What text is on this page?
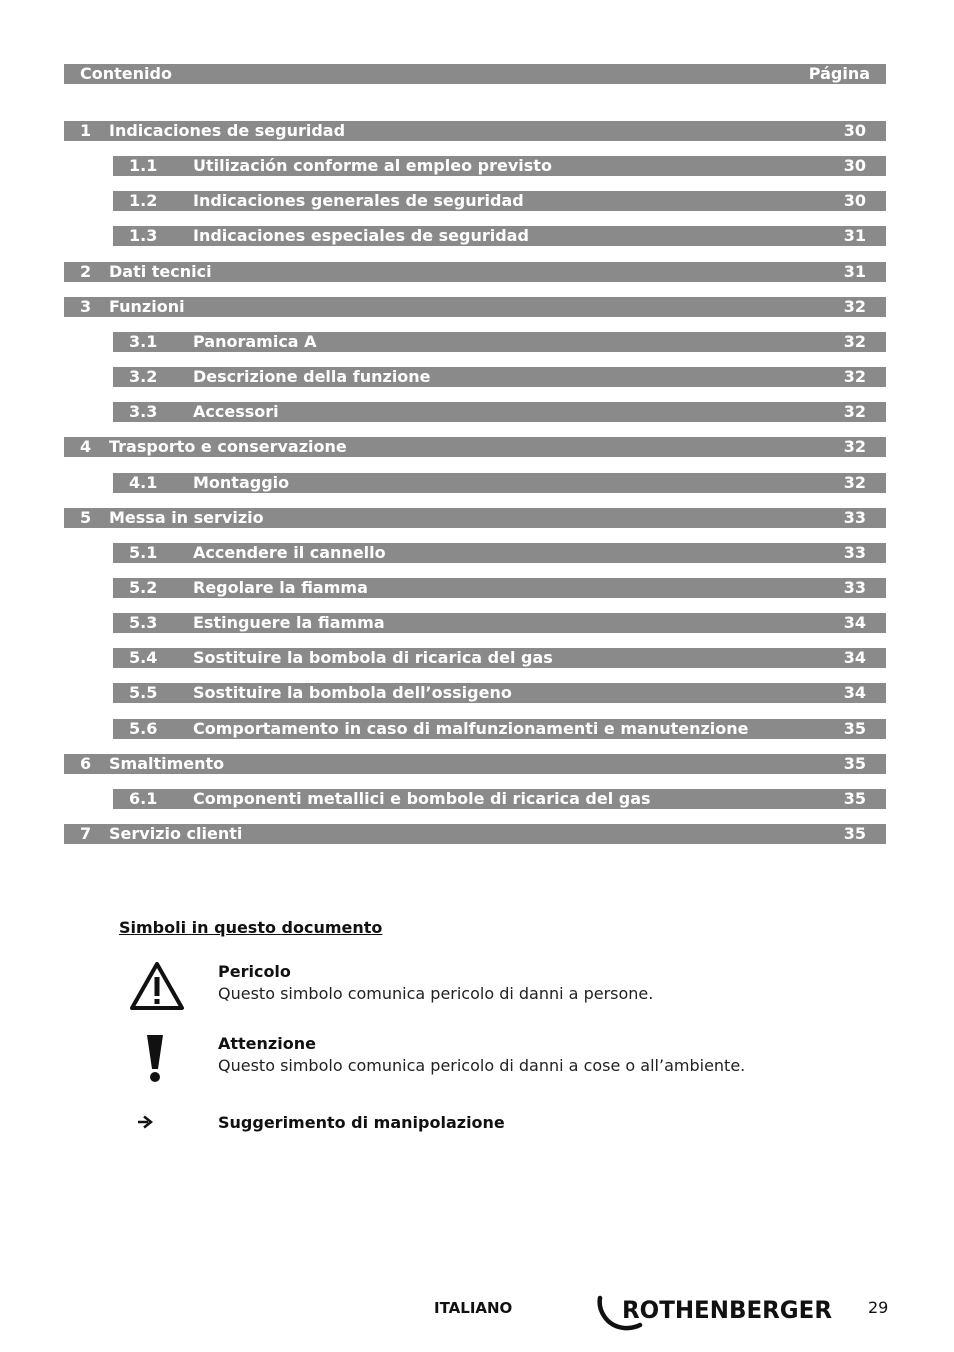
Contenido	Página
1 Indicaciones de seguridad	30
1.1 Utilización conforme al empleo previsto	30
1.2 Indicaciones generales de seguridad	30
1.3 Indicaciones especiales de seguridad	31
2 Dati tecnici	31
3 Funzioni	32
3.1 Panoramica A	32
3.2 Descrizione della funzione	32
3.3 Accessori	32
4 Trasporto e conservazione	32
4.1 Montaggio	32
5 Messa in servizio	33
5.1 Accendere il cannello	33
5.2 Regolare la fiamma	33
5.3 Estinguere la fiamma	34
5.4 Sostituire la bombola di ricarica del gas	34
5.5 Sostituire la bombola dell’ossigeno	34
5.6 Comportamento in caso di malfunzionamenti e manutenzione	35
6 Smaltimento	35
6.1 Componenti metallici e bombole di ricarica del gas	35
7 Servizio clienti	35
Simboli in questo documento
Pericolo
Questo simbolo comunica pericolo di danni a persone.
Attenzione
Questo simbolo comunica pericolo di danni a cose o all’ambiente.
Suggerimento di manipolazione
ITALIANO	ROTHENBERGER 29
